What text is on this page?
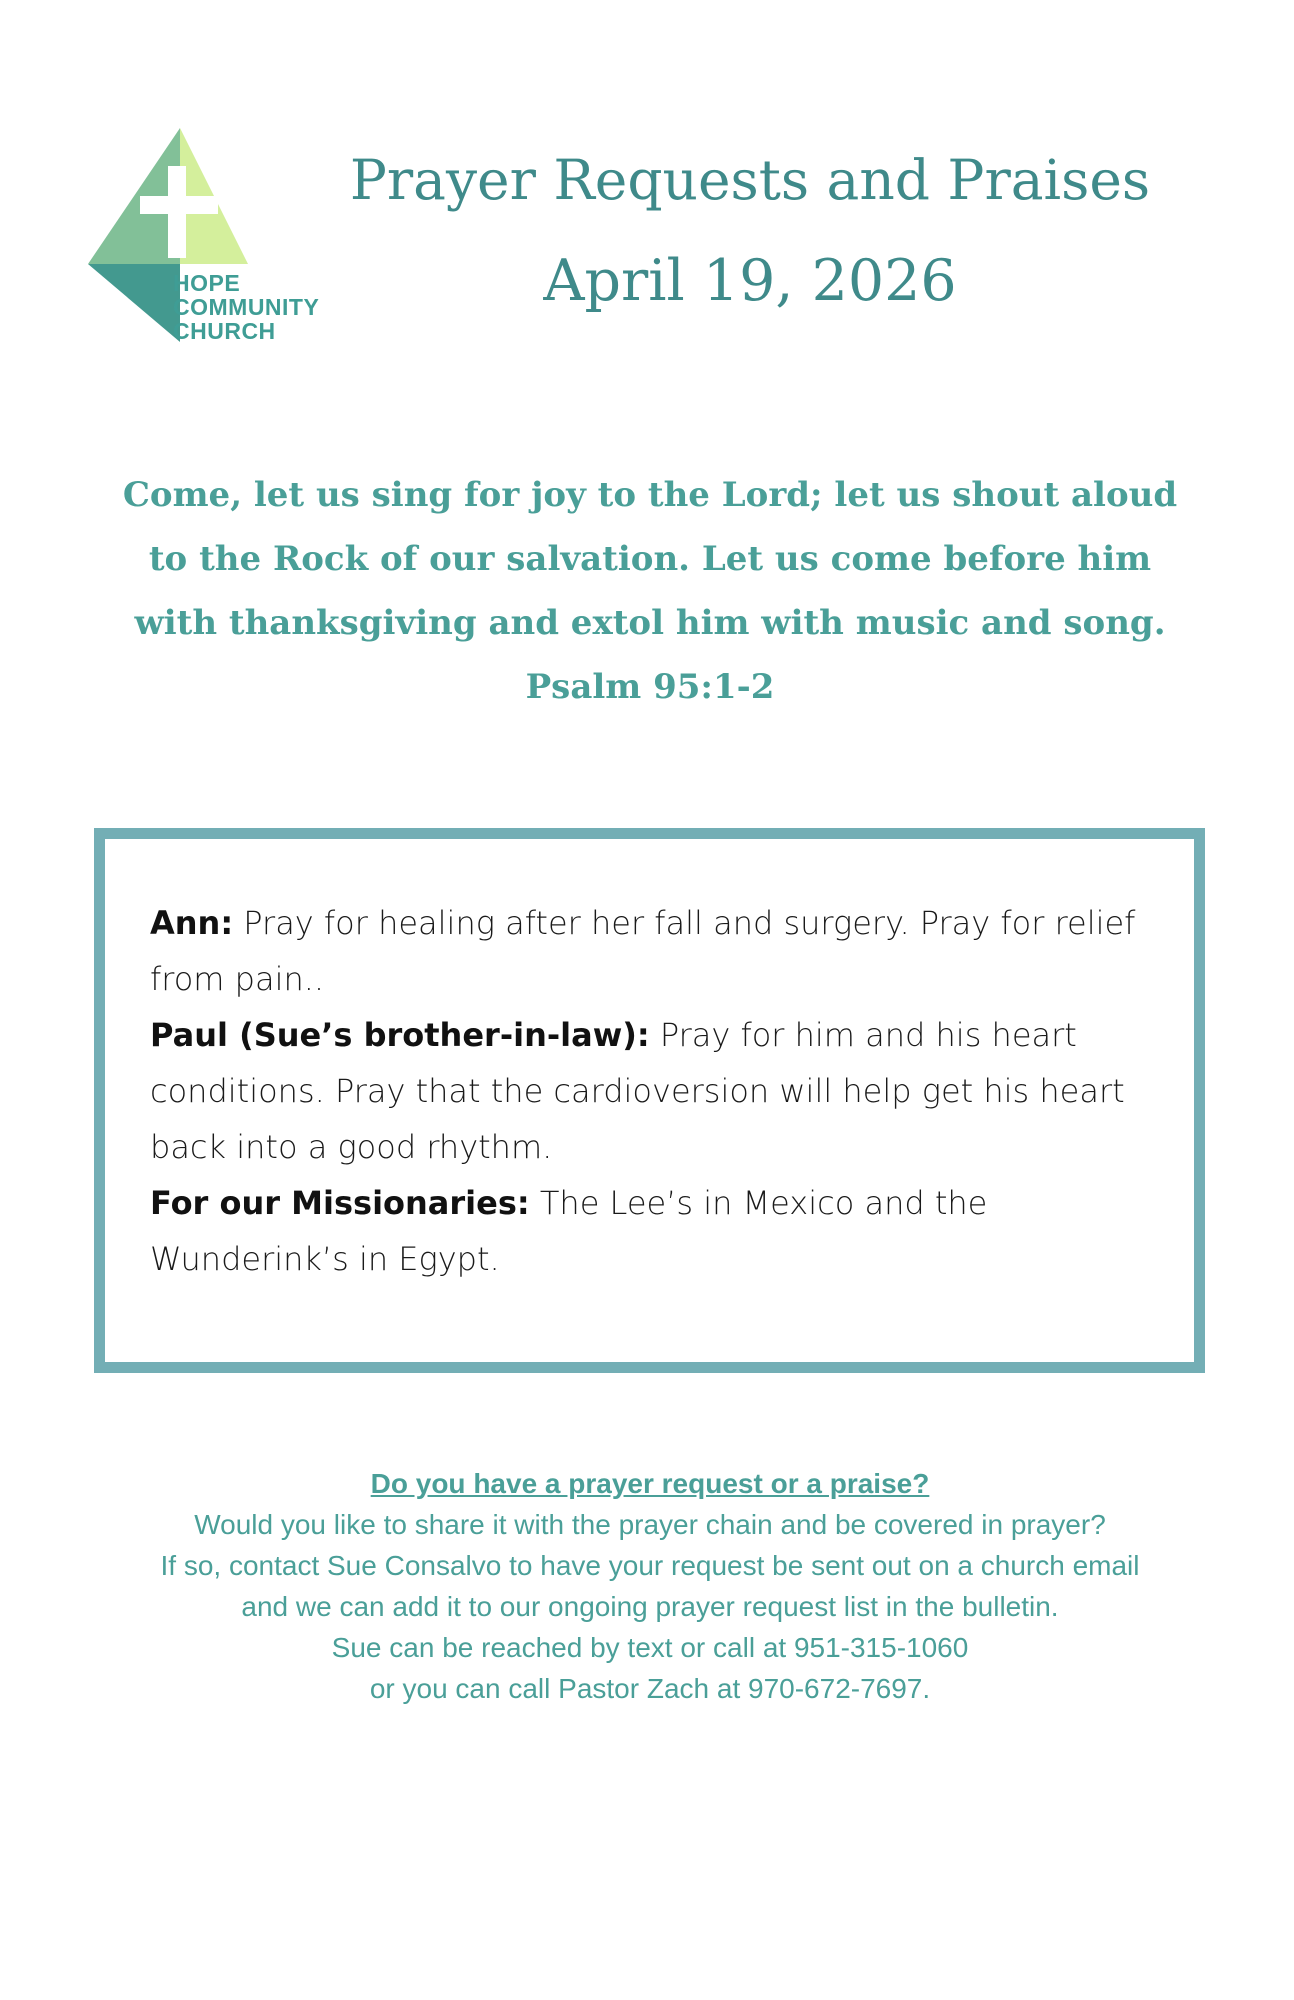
HOPE
COMMUNITY
CHURCH
Prayer Requests and Praises
April 19, 2026
Come, let us sing for joy to the Lord; let us shout aloud
to the Rock of our salvation. Let us come before him
with thanksgiving and extol him with music and song.
Psalm 95:1-2

Ann: Pray for healing after her fall and surgery. Pray for relief from pain..

Paul (Sue’s brother-in-law): Pray for him and his heart conditions. Pray that the cardioversion will help get his heart back into a good rhythm.

For our Missionaries: The Lee’s in Mexico and the Wunderink’s in Egypt.

Do you have a prayer request or a praise?
Would you like to share it with the prayer chain and be covered in prayer?
If so, contact Sue Consalvo to have your request be sent out on a church email
and we can add it to our ongoing prayer request list in the bulletin.
Sue can be reached by text or call at 951-315-1060
or you can call Pastor Zach at 970-672-7697.
